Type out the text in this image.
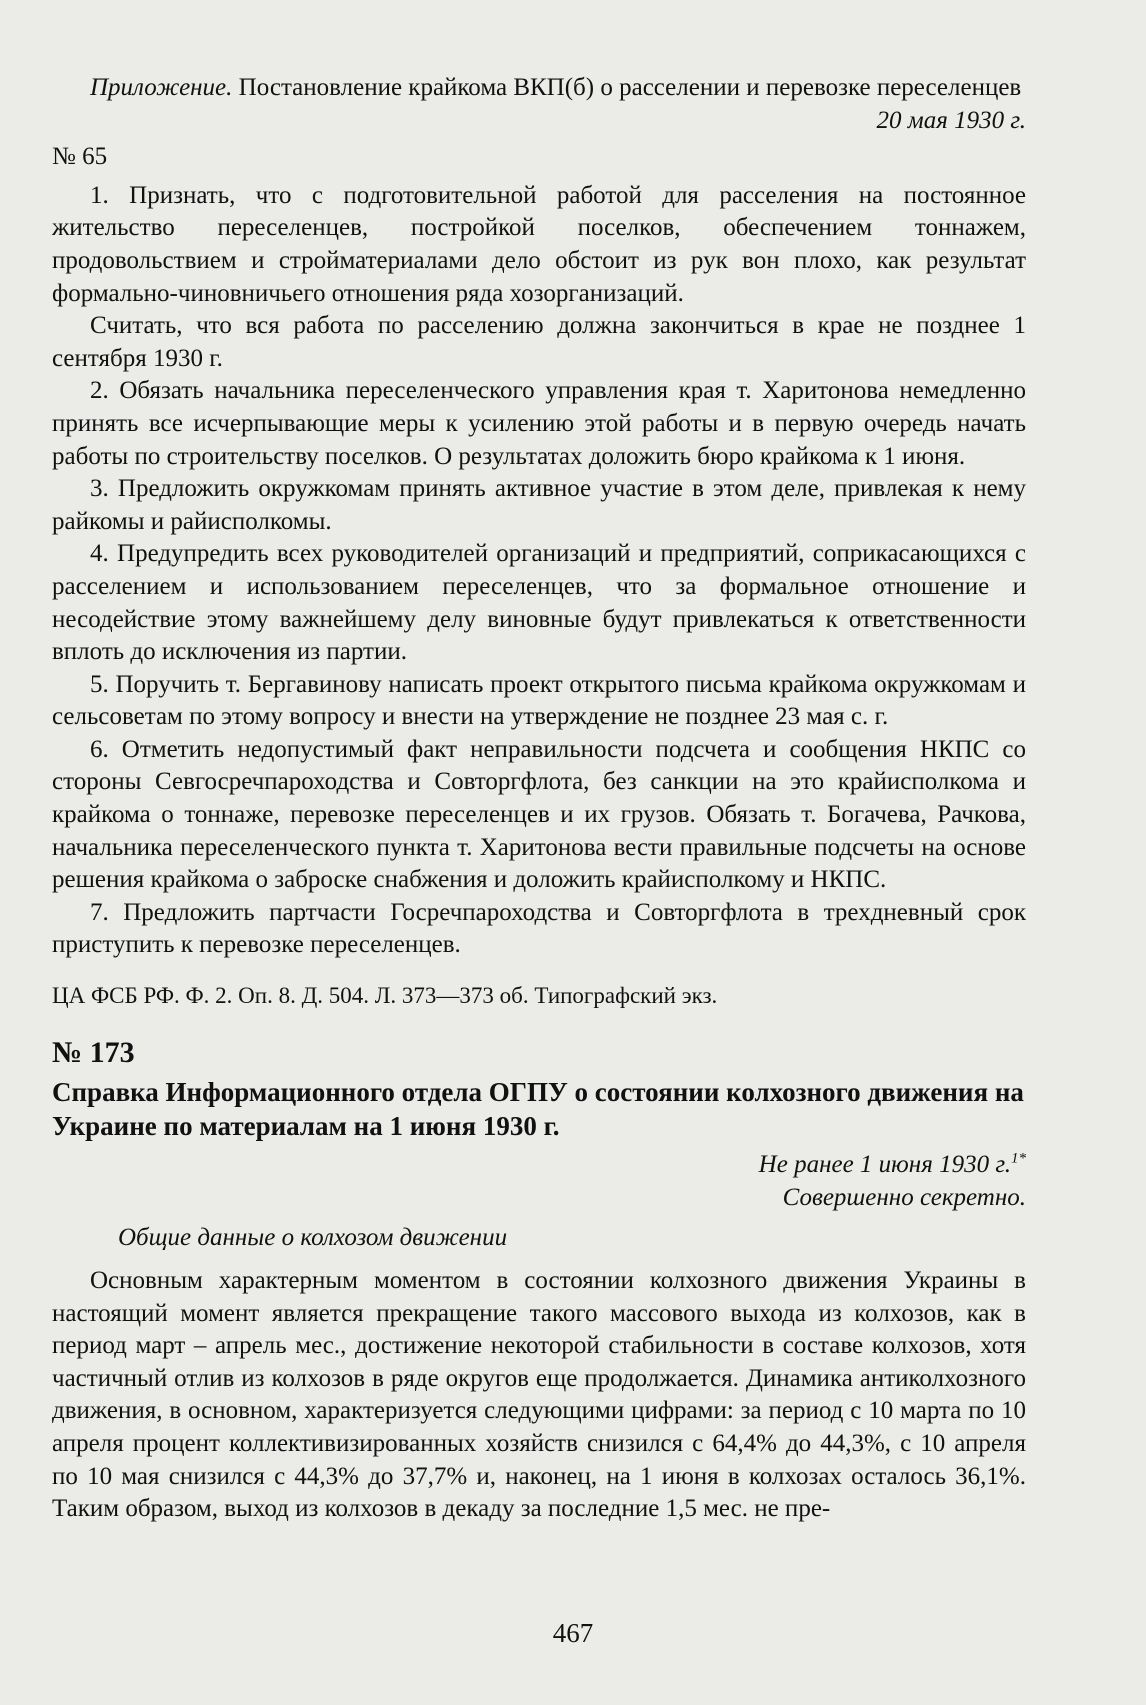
Приложение. Постановление крайкома ВКП(б) о расселении и перевозке переселенцев

20 мая 1930 г.

№ 65

1. Признать, что с подготовительной работой для расселения на постоянное жительство переселенцев, постройкой поселков, обеспечением тоннажем, продовольствием и стройматериалами дело обстоит из рук вон плохо, как результат формально-чиновничьего отношения ряда хозорганизаций.

Считать, что вся работа по расселению должна закончиться в крае не позднее 1 сентября 1930 г.

2. Обязать начальника переселенческого управления края т. Харитонова немедленно принять все исчерпывающие меры к усилению этой работы и в первую очередь начать работы по строительству поселков. О результатах доложить бюро крайкома к 1 июня.

3. Предложить окружкомам принять активное участие в этом деле, привлекая к нему райкомы и райисполкомы.

4. Предупредить всех руководителей организаций и предприятий, соприкасающихся с расселением и использованием переселенцев, что за формальное отношение и несодействие этому важнейшему делу виновные будут привлекаться к ответственности вплоть до исключения из партии.

5. Поручить т. Бергавинову написать проект открытого письма крайкома окружкомам и сельсоветам по этому вопросу и внести на утверждение не позднее 23 мая с. г.

6. Отметить недопустимый факт неправильности подсчета и сообщения НКПС со стороны Севгосречпароходства и Совторгфлота, без санкции на это крайисполкома и крайкома о тоннаже, перевозке переселенцев и их грузов. Обязать т. Богачева, Рачкова, начальника переселенческого пункта т. Харитонова вести правильные подсчеты на основе решения крайкома о заброске снабжения и доложить крайисполкому и НКПС.

7. Предложить партчасти Госречпароходства и Совторгфлота в трехдневный срок приступить к перевозке переселенцев.

ЦА ФСБ РФ. Ф. 2. Оп. 8. Д. 504. Л. 373—373 об. Типографский экз.

№ 173

Справка Информационного отдела ОГПУ о состоянии колхозного движения на Украине по материалам на 1 июня 1930 г.

Не ранее 1 июня 1930 г.$^{1*}$

Совершенно секретно.

Общие данные о колхозом движении

Основным характерным моментом в состоянии колхозного движения Украины в настоящий момент является прекращение такого массового выхода из колхозов, как в период март – апрель мес., достижение некоторой стабильности в составе колхозов, хотя частичный отлив из колхозов в ряде округов еще продолжается. Динамика антиколхозного движения, в основном, характеризуется следующими цифрами: за период с 10 марта по 10 апреля процент коллективизированных хозяйств снизился с 64,4% до 44,3%, с 10 апреля по 10 мая снизился с 44,3% до 37,7% и, наконец, на 1 июня в колхозах осталось 36,1%. Таким образом, выход из колхозов в декаду за последние 1,5 мес. не пре-

467
